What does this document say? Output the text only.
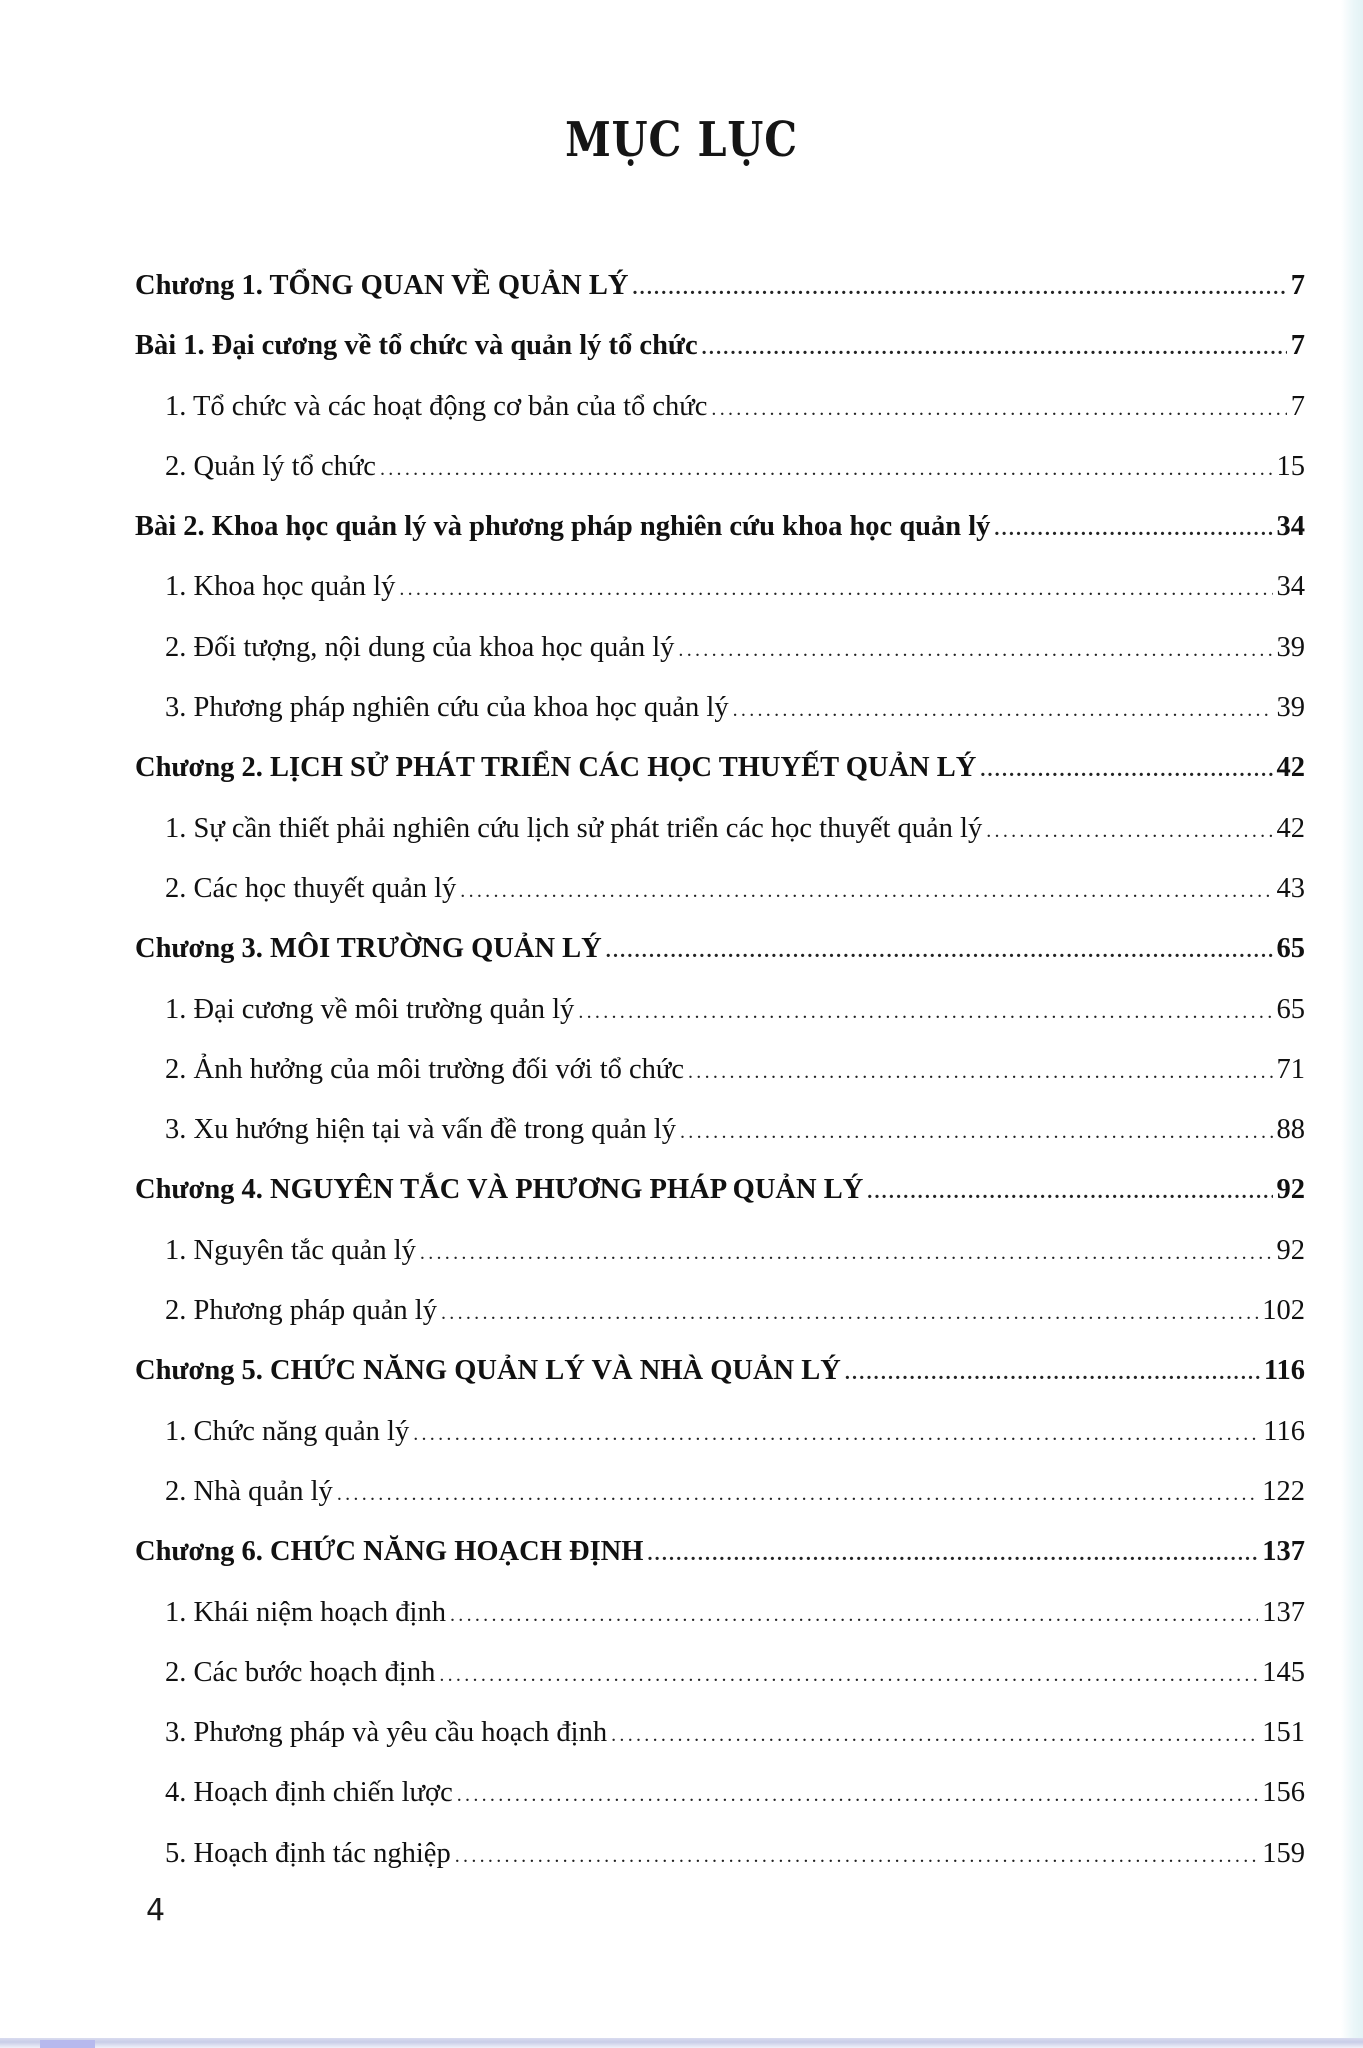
MỤC LỤC
Chương 1. TỔNG QUAN VỀ QUẢN LÝ .....	7
Bài 1. Đại cương về tổ chức và quản lý tổ chức .....	7
1. Tổ chức và các hoạt động cơ bản của tổ chức .....	7
2. Quản lý tổ chức .....	15
Bài 2. Khoa học quản lý và phương pháp nghiên cứu khoa học quản lý .....	34
1. Khoa học quản lý .....	34
2. Đối tượng, nội dung của khoa học quản lý .....	39
3. Phương pháp nghiên cứu của khoa học quản lý .....	39
Chương 2. LỊCH SỬ PHÁT TRIỂN CÁC HỌC THUYẾT QUẢN LÝ .....	42
1. Sự cần thiết phải nghiên cứu lịch sử phát triển các học thuyết quản lý .....	42
2. Các học thuyết quản lý .....	43
Chương 3. MÔI TRƯỜNG QUẢN LÝ .....	65
1. Đại cương về môi trường quản lý .....	65
2. Ảnh hưởng của môi trường đối với tổ chức .....	71
3. Xu hướng hiện tại và vấn đề trong quản lý .....	88
Chương 4. NGUYÊN TẮC VÀ PHƯƠNG PHÁP QUẢN LÝ .....	92
1. Nguyên tắc quản lý .....	92
2. Phương pháp quản lý .....	102
Chương 5. CHỨC NĂNG QUẢN LÝ VÀ NHÀ QUẢN LÝ .....	116
1. Chức năng quản lý .....	116
2. Nhà quản lý .....	122
Chương 6. CHỨC NĂNG HOẠCH ĐỊNH .....	137
1. Khái niệm hoạch định .....	137
2. Các bước hoạch định .....	145
3. Phương pháp và yêu cầu hoạch định .....	151
4. Hoạch định chiến lược .....	156
5. Hoạch định tác nghiệp .....	159
4
